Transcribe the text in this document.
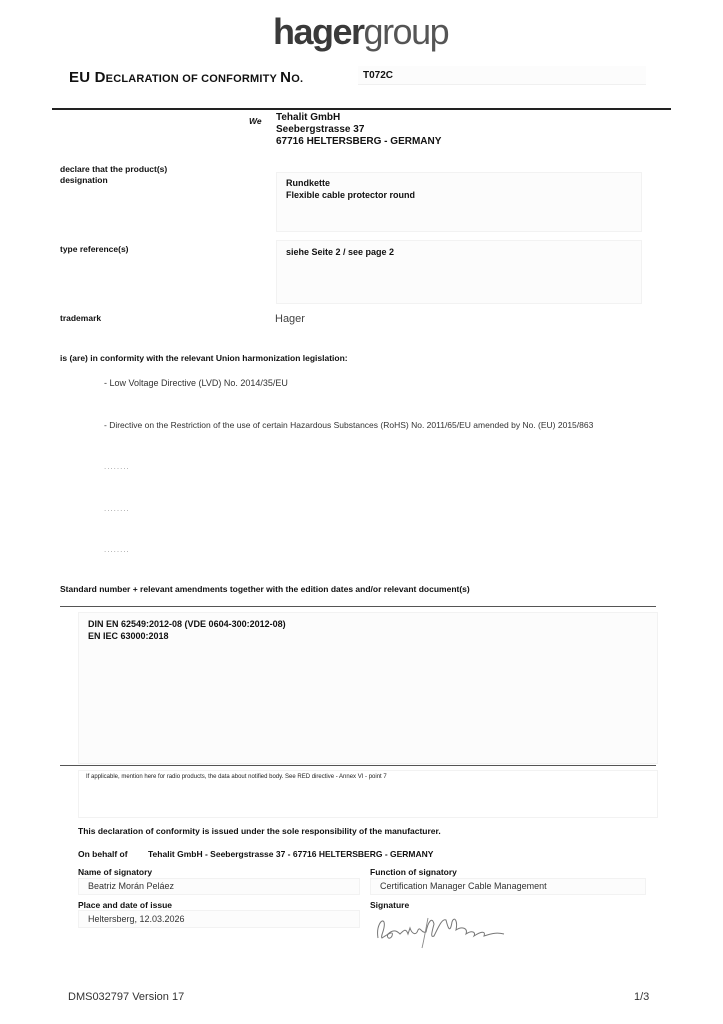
hagergroup
EU DECLARATION OF CONFORMITY NO.	T072C
We Tehalit GmbH
Seebergstrasse 37
67716 HELTERSBERG - GERMANY
declare that the product(s)
designation	Rundkette
Flexible cable protector round
type reference(s)	siehe Seite 2 / see page 2
trademark	Hager
is (are) in conformity with the relevant Union harmonization legislation:
- Low Voltage Directive (LVD) No. 2014/35/EU
- Directive on the Restriction of the use of certain Hazardous Substances (RoHS) No. 2011/65/EU amended by No. (EU) 2015/863
........
........
........
Standard number + relevant amendments together with the edition dates and/or relevant document(s)
DIN EN 62549:2012-08 (VDE 0604-300:2012-08)
EN IEC 63000:2018
If applicable, mention here for radio products, the data about notified body. See RED directive - Annex VI - point 7
This declaration of conformity is issued under the sole responsibility of the manufacturer.
On behalf of Tehalit GmbH - Seebergstrasse 37 - 67716 HELTERSBERG - GERMANY
Name of signatory
Beatriz Morán Peláez
Function of signatory
Certification Manager Cable Management
Place and date of issue
Heltersberg, 12.03.2026
Signature
DMS032797 Version 17	1/3
